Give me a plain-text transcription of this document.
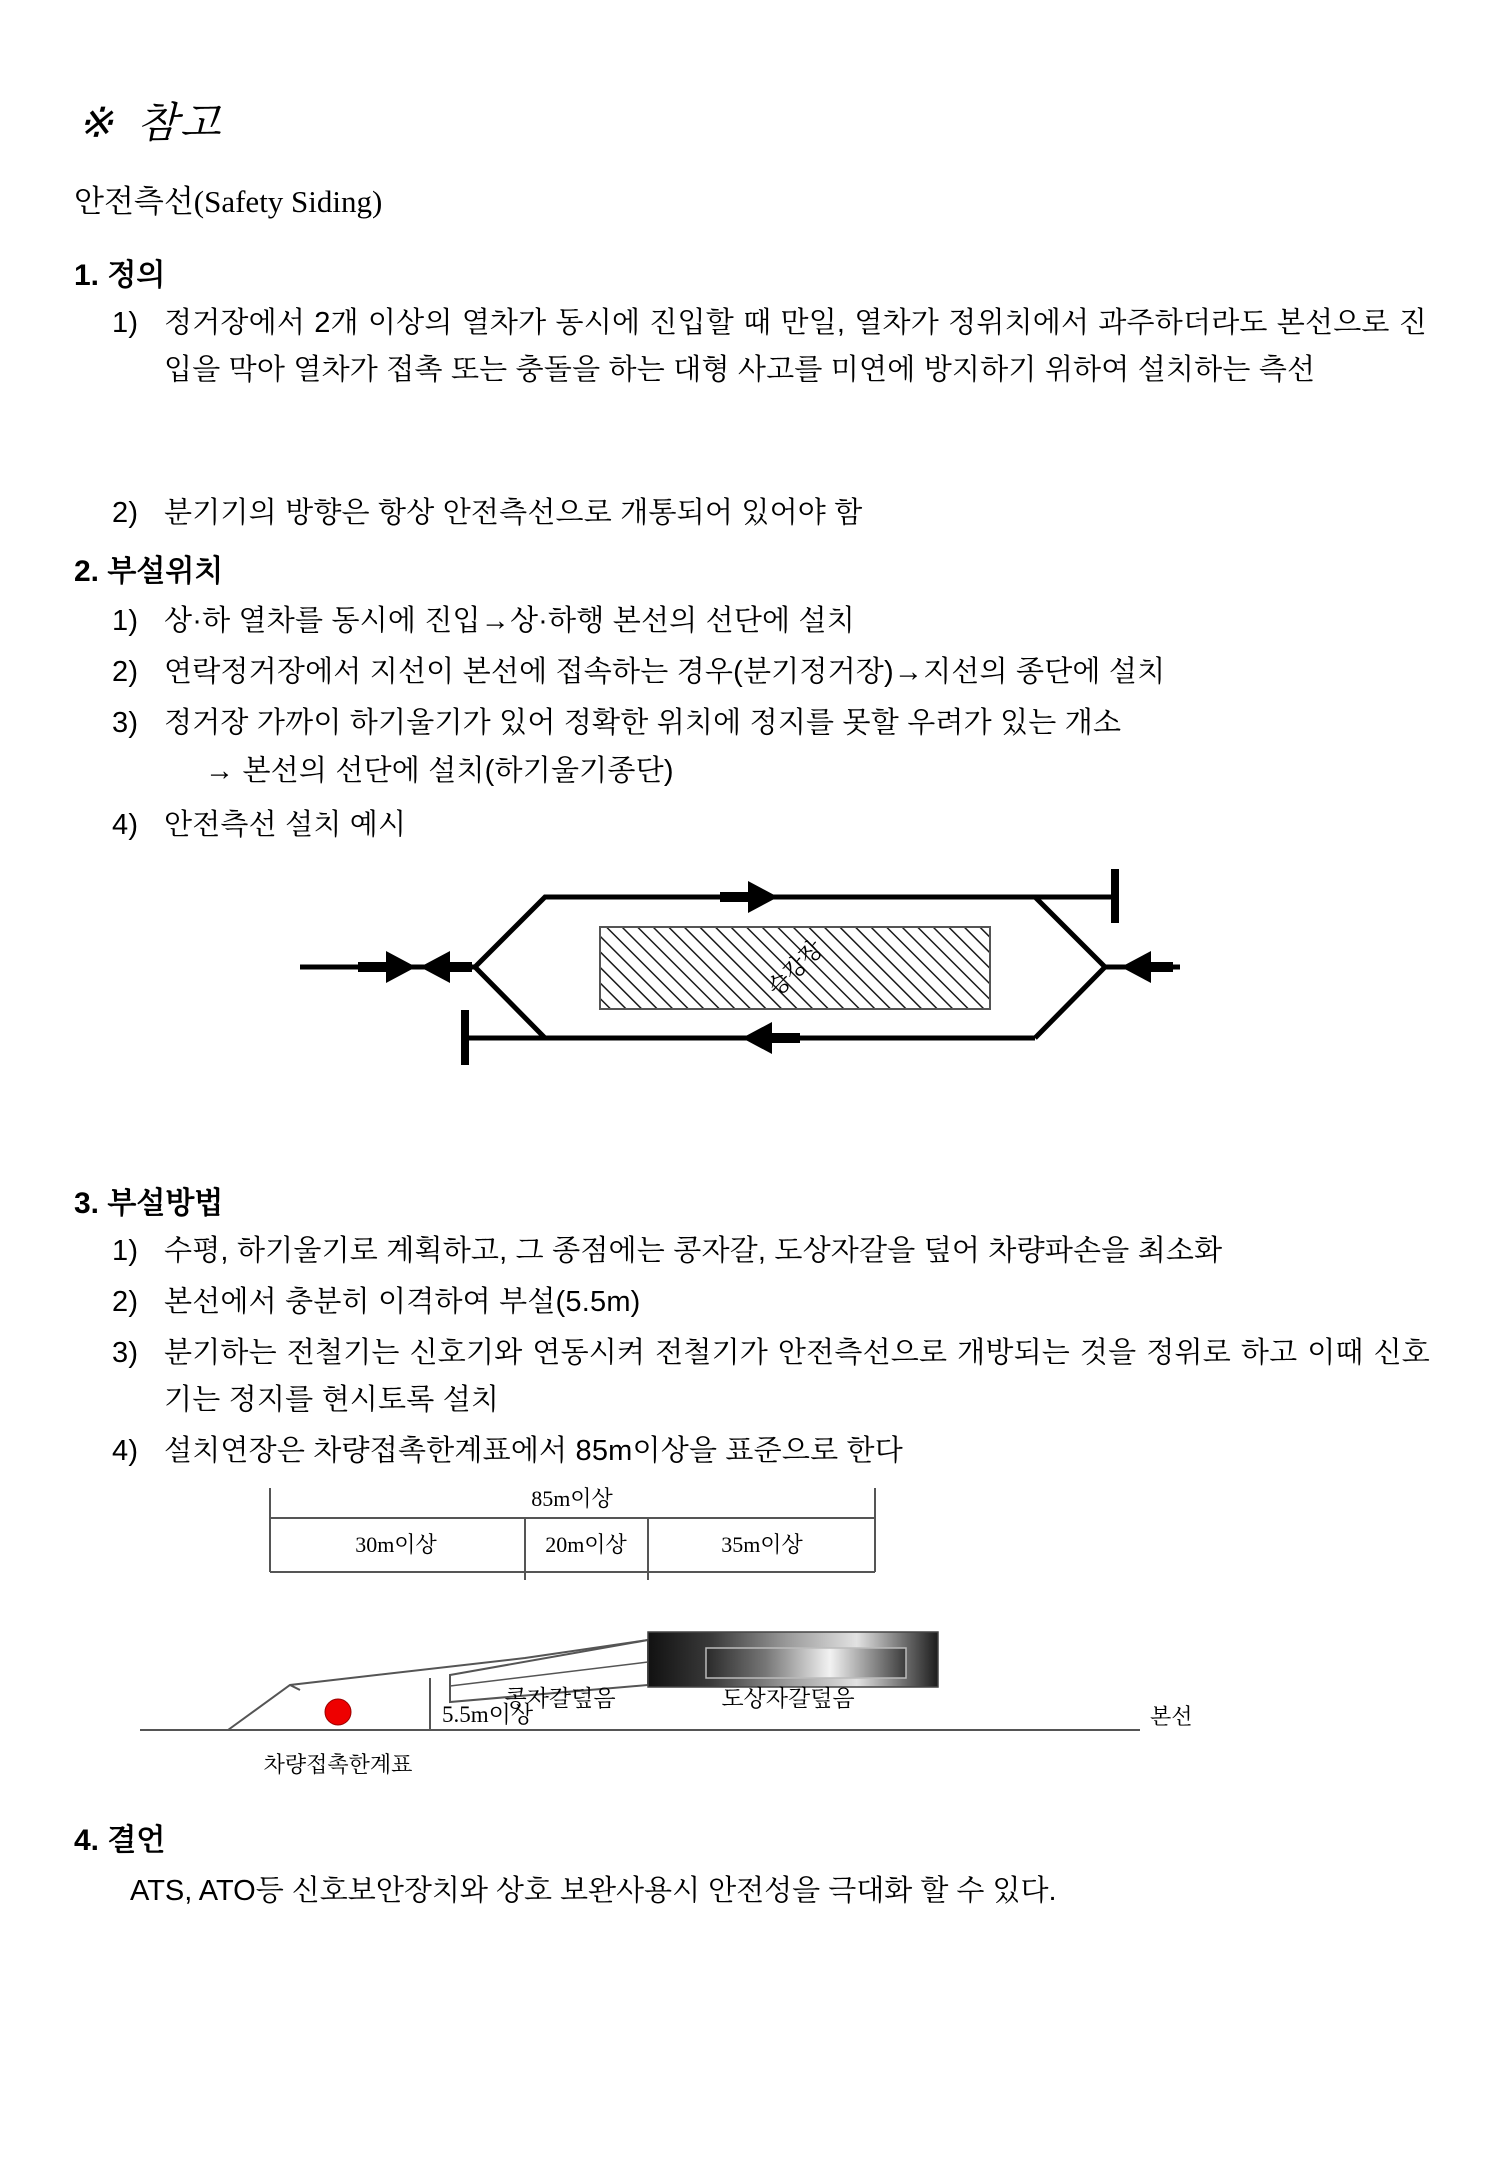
※ 참고
안전측선(Safety Siding)
1. 정의
1) 정거장에서 2개 이상의 열차가 동시에 진입할 때 만일, 열차가 정위치에서 과주하더라도 본선으로 진입을 막아 열차가 접촉 또는 충돌을 하는 대형 사고를 미연에 방지하기 위하여 설치하는 측선
2) 분기기의 방향은 항상 안전측선으로 개통되어 있어야 함
2. 부설위치
1) 상·하 열차를 동시에 진입→상·하행 본선의 선단에 설치
2) 연락정거장에서 지선이 본선에 접속하는 경우(분기정거장)→지선의 종단에 설치
3) 정거장 가까이 하기울기가 있어 정확한 위치에 정지를 못할 우려가 있는 개소
→ 본선의 선단에 설치(하기울기종단)
4) 안전측선 설치 예시
승강장
3. 부설방법
1) 수평, 하기울기로 계획하고, 그 종점에는 콩자갈, 도상자갈을 덮어 차량파손을 최소화
2) 본선에서 충분히 이격하여 부설(5.5m)
3) 분기하는 전철기는 신호기와 연동시켜 전철기가 안전측선으로 개방되는 것을 정위로 하고 이때 신호기는 정지를 현시토록 설치
4) 설치연장은 차량접촉한계표에서 85m이상을 표준으로 한다
85m이상
30m이상	20m이상	35m이상
본선
5.5m이상
차량접촉한계표
콩자갈덮음	도상자갈덮음
4. 결언
ATS, ATO등 신호보안장치와 상호 보완사용시 안전성을 극대화 할 수 있다.
